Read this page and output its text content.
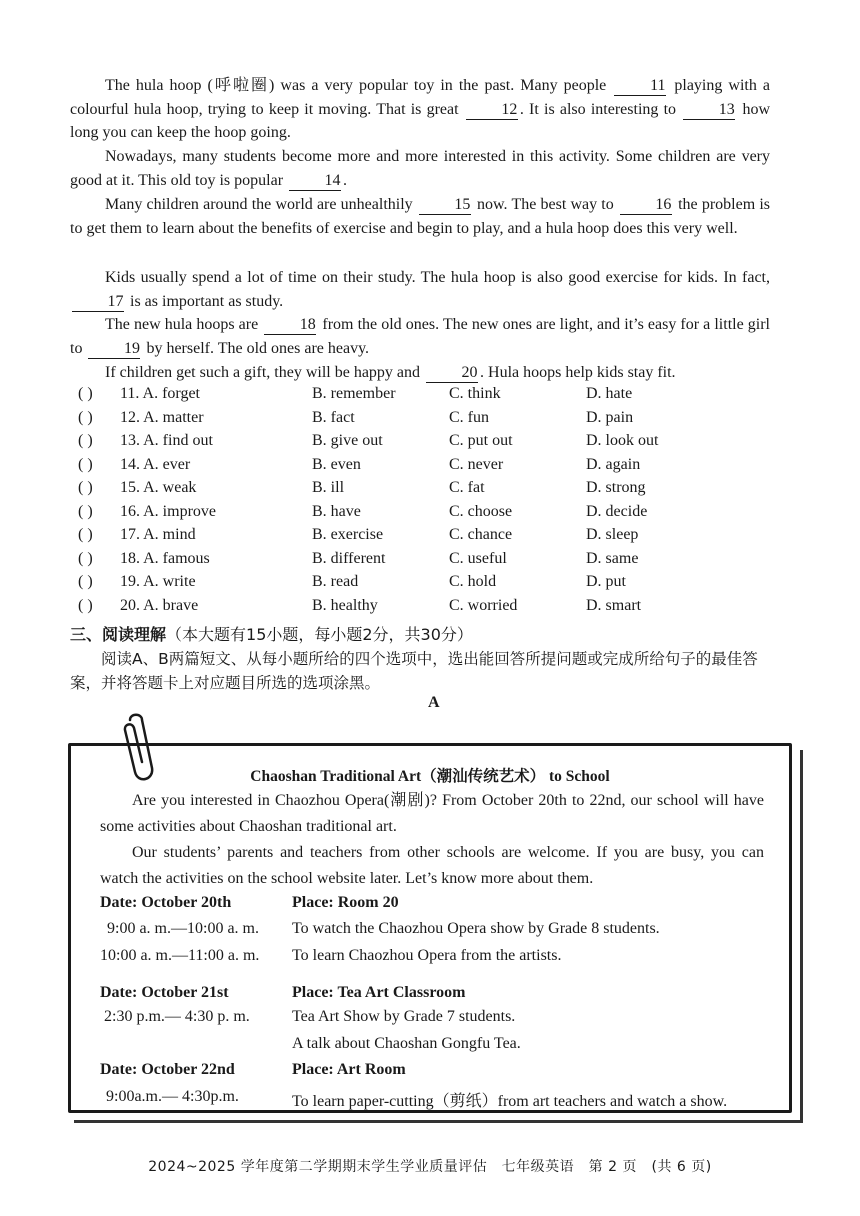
The hula hoop (呼啦圈) was a very popular toy in the past. Many people	11 playing with a colourful hula hoop, trying to keep it moving. That is great	12 . It is also interesting to	13 how long you can keep the hoop going.

Nowadays, many students become more and more interested in this activity. Some children are very good at it. This old toy is popular	14 .

Many children around the world are unhealthily	15 now. The best way to	16 the problem is to get them to learn about the benefits of exercise and begin to play, and a hula hoop does this very well.

Kids usually spend a lot of time on their study. The hula hoop is also good exercise for kids. In fact, 17 is as important as study.

The new hula hoops are	18 from the old ones. The new ones are light, and it’s easy for a little girl to	19 by herself. The old ones are heavy.

If children get such a gift, they will be happy and	20 . Hula hoops help kids stay fit.

( ) 11. A. forget	B. remember	C. think	D. hate
( ) 12. A. matter	B. fact	C. fun	D. pain
( ) 13. A. find out	B. give out	C. put out	D. look out
( ) 14. A. ever	B. even	C. never	D. again
( ) 15. A. weak	B. ill	C. fat	D. strong
( ) 16. A. improve	B. have	C. choose	D. decide
( ) 17. A. mind	B. exercise	C. chance	D. sleep
( ) 18. A. famous	B. different	C. useful	D. same
( ) 19. A. write	B. read	C. hold	D. put
( ) 20. A. brave	B. healthy	C. worried	D. smart
三、阅读理解（本大题有15小题，每小题2分，共30分）
阅读A、B两篇短文、从每小题所给的四个选项中，选出能回答所提问题或完成所给句子的最佳答案，并将答题卡上对应题目所选的选项涂黑。
A
Chaoshan Traditional Art（潮汕传统艺术） to School

Are you interested in Chaozhou Opera(潮剧)? From October 20th to 22nd, our school will have some activities about Chaoshan traditional art.

Our students’ parents and teachers from other schools are welcome. If you are busy, you can watch the activities on the school website later. Let’s know more about them.

Date: October 20th	Place: Room 20
9:00 a. m.—10:00 a. m. To watch the Chaozhou Opera show by Grade 8 students.
10:00 a. m.—11:00 a. m. To learn Chaozhou Opera from the artists.
Date: October 21st	Place: Tea Art Classroom
2:30 p.m.— 4:30 p. m.	Tea Art Show by Grade 7 students.
A talk about Chaoshan Gongfu Tea.
Date: October 22nd	Place: Art Room
9:00a.m.— 4:30p.m.	To learn paper-cutting（剪纸）from art teachers and watch a show.
2024~2025 学年度第二学期期末学生学业质量评估　七年级英语　第 2 页　(共 6 页)
